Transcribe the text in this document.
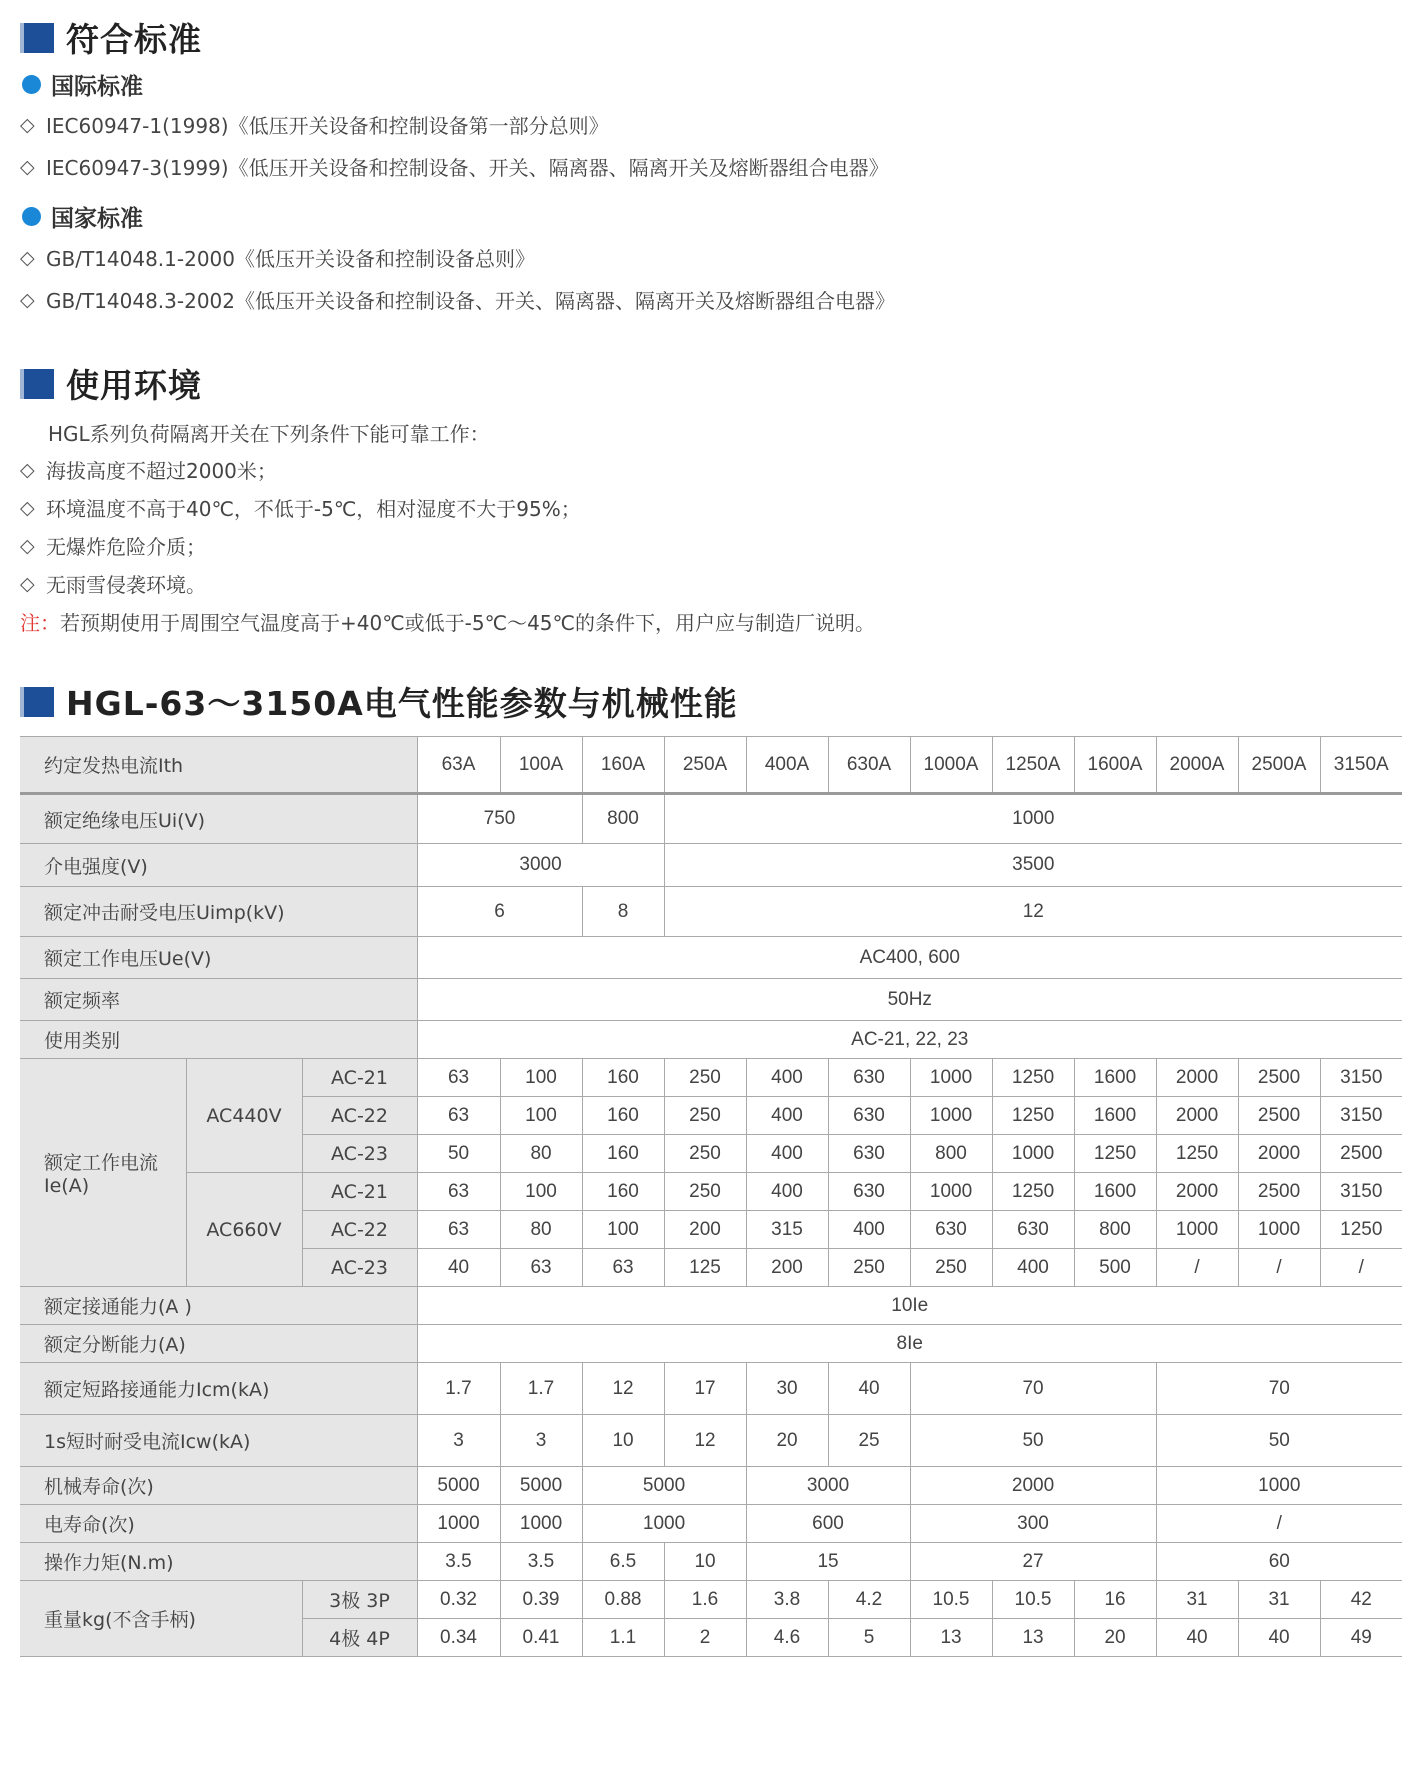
符合标准
国际标准
◇ IEC60947-1(1998)《低压开关设备和控制设备第一部分总则》
◇ IEC60947-3(1999)《低压开关设备和控制设备、开关、隔离器、隔离开关及熔断器组合电器》
国家标准
◇ GB/T14048.1-2000《低压开关设备和控制设备总则》
◇ GB/T14048.3-2002《低压开关设备和控制设备、开关、隔离器、隔离开关及熔断器组合电器》
使用环境
HGL系列负荷隔离开关在下列条件下能可靠工作：
◇ 海拔高度不超过2000米；
◇ 环境温度不高于40℃，不低于-5℃，相对湿度不大于95%；
◇ 无爆炸危险介质；
◇ 无雨雪侵袭环境。
注：若预期使用于周围空气温度高于+40℃或低于-5℃～45℃的条件下，用户应与制造厂说明。
HGL-63～3150A电气性能参数与机械性能
约定发热电流Ith			63A	100A	160A	250A	400A	630A	1000A	1250A	1600A	2000A	2500A	3150A
额定绝缘电压Ui(V)			750		800	1000								
介电强度(V)			3000			3500								
额定冲击耐受电压Uimp(kV)			6		8	12								
额定工作电压Ue(V)			AC400, 600											
额定频率			50Hz											
使用类别			AC-21, 22, 23											
额定工作电流Ie(A)	AC440V	AC-21	63	100	160	250	400	630	1000	1250	1600	2000	2500	3150
		AC-22	63	100	160	250	400	630	1000	1250	1600	2000	2500	3150
		AC-23	50	80	160	250	400	630	800	1000	1250	1250	2000	2500
	AC660V	AC-21	63	100	160	250	400	630	1000	1250	1600	2000	2500	3150
		AC-22	63	80	100	200	315	400	630	630	800	1000	1000	1250
		AC-23	40	63	63	125	200	250	250	400	500	/	/	/
额定接通能力(A )			10Ie											
额定分断能力(A)			8Ie											
额定短路接通能力Icm(kA)			1.7	1.7	12	17	30	40	70			70		
1s短时耐受电流Icw(kA)			3	3	10	12	20	25	50			50		
机械寿命(次)			5000	5000	5000		3000		2000			1000		
电寿命(次)			1000	1000	1000		600		300			/		
操作力矩(N.m)			3.5	3.5	6.5	10	15		27			60		
重量kg(不含手柄)		3极 3P	0.32	0.39	0.88	1.6	3.8	4.2	10.5	10.5	16	31	31	42
		4极 4P	0.34	0.41	1.1	2	4.6	5	13	13	20	40	40	49
